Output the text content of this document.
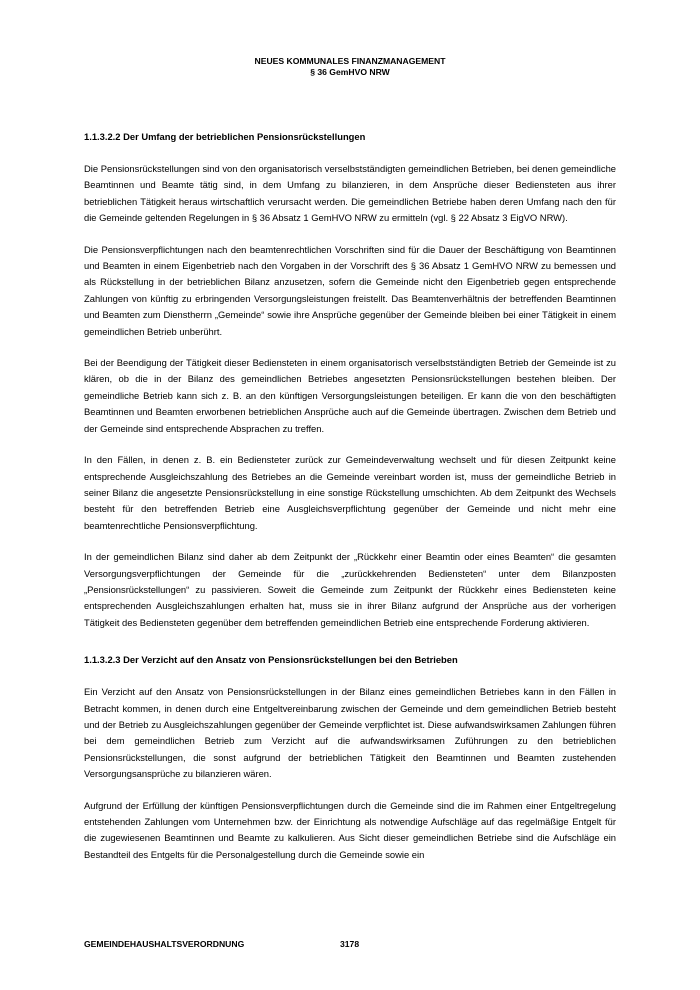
NEUES KOMMUNALES FINANZMANAGEMENT
§ 36 GemHVO NRW
1.1.3.2.2 Der Umfang der betrieblichen Pensionsrückstellungen

Die Pensionsrückstellungen sind von den organisatorisch verselbstständigten gemeindlichen Betrieben, bei denen gemeindliche Beamtinnen und Beamte tätig sind, in dem Umfang zu bilanzieren, in dem Ansprüche dieser Bediensteten aus ihrer betrieblichen Tätigkeit heraus wirtschaftlich verursacht werden. Die gemeindlichen Betriebe haben deren Umfang nach den für die Gemeinde geltenden Regelungen in § 36 Absatz 1 GemHVO NRW zu ermitteln (vgl. § 22 Absatz 3 EigVO NRW).

Die Pensionsverpflichtungen nach den beamtenrechtlichen Vorschriften sind für die Dauer der Beschäftigung von Beamtinnen und Beamten in einem Eigenbetrieb nach den Vorgaben in der Vorschrift des § 36 Absatz 1 GemHVO NRW zu bemessen und als Rückstellung in der betrieblichen Bilanz anzusetzen, sofern die Gemeinde nicht den Eigenbetrieb gegen entsprechende Zahlungen von künftig zu erbringenden Versorgungsleistungen freistellt. Das Beamtenverhältnis der betreffenden Beamtinnen und Beamten zum Dienstherrn „Gemeinde“ sowie ihre Ansprüche gegenüber der Gemeinde bleiben bei einer Tätigkeit in einem gemeindlichen Betrieb unberührt.

Bei der Beendigung der Tätigkeit dieser Bediensteten in einem organisatorisch verselbstständigten Betrieb der Gemeinde ist zu klären, ob die in der Bilanz des gemeindlichen Betriebes angesetzten Pensionsrückstellungen bestehen bleiben. Der gemeindliche Betrieb kann sich z. B. an den künftigen Versorgungsleistungen beteiligen. Er kann die von den beschäftigten Beamtinnen und Beamten erworbenen betrieblichen Ansprüche auch auf die Gemeinde übertragen. Zwischen dem Betrieb und der Gemeinde sind entsprechende Absprachen zu treffen.

In den Fällen, in denen z. B. ein Bediensteter zurück zur Gemeindeverwaltung wechselt und für diesen Zeitpunkt keine entsprechende Ausgleichszahlung des Betriebes an die Gemeinde vereinbart worden ist, muss der gemeindliche Betrieb in seiner Bilanz die angesetzte Pensionsrückstellung in eine sonstige Rückstellung umschichten. Ab dem Zeitpunkt des Wechsels besteht für den betreffenden Betrieb eine Ausgleichsverpflichtung gegenüber der Gemeinde und nicht mehr eine beamtenrechtliche Pensionsverpflichtung.

In der gemeindlichen Bilanz sind daher ab dem Zeitpunkt der „Rückkehr einer Beamtin oder eines Beamten“ die gesamten Versorgungsverpflichtungen der Gemeinde für die „zurückkehrenden Bediensteten“ unter dem Bilanzposten „Pensionsrückstellungen“ zu passivieren. Soweit die Gemeinde zum Zeitpunkt der Rückkehr eines Bediensteten keine entsprechenden Ausgleichszahlungen erhalten hat, muss sie in ihrer Bilanz aufgrund der Ansprüche aus der vorherigen Tätigkeit des Bediensteten gegenüber dem betreffenden gemeindlichen Betrieb eine entsprechende Forderung aktivieren.

1.1.3.2.3 Der Verzicht auf den Ansatz von Pensionsrückstellungen bei den Betrieben

Ein Verzicht auf den Ansatz von Pensionsrückstellungen in der Bilanz eines gemeindlichen Betriebes kann in den Fällen in Betracht kommen, in denen durch eine Entgeltvereinbarung zwischen der Gemeinde und dem gemeindlichen Betrieb besteht und der Betrieb zu Ausgleichszahlungen gegenüber der Gemeinde verpflichtet ist. Diese aufwandswirksamen Zahlungen führen bei dem gemeindlichen Betrieb zum Verzicht auf die aufwandswirksamen Zuführungen zu den betrieblichen Pensionsrückstellungen, die sonst aufgrund der betrieblichen Tätigkeit den Beamtinnen und Beamten zustehenden Versorgungsansprüche zu bilanzieren wären.

Aufgrund der Erfüllung der künftigen Pensionsverpflichtungen durch die Gemeinde sind die im Rahmen einer Entgeltregelung entstehenden Zahlungen vom Unternehmen bzw. der Einrichtung als notwendige Aufschläge auf das regelmäßige Entgelt für die zugewiesenen Beamtinnen und Beamte zu kalkulieren. Aus Sicht dieser gemeindlichen Betriebe sind die Aufschläge ein Bestandteil des Entgelts für die Personalgestellung durch die Gemeinde sowie ein

GEMEINDEHAUSHALTSVERORDNUNG	3178
